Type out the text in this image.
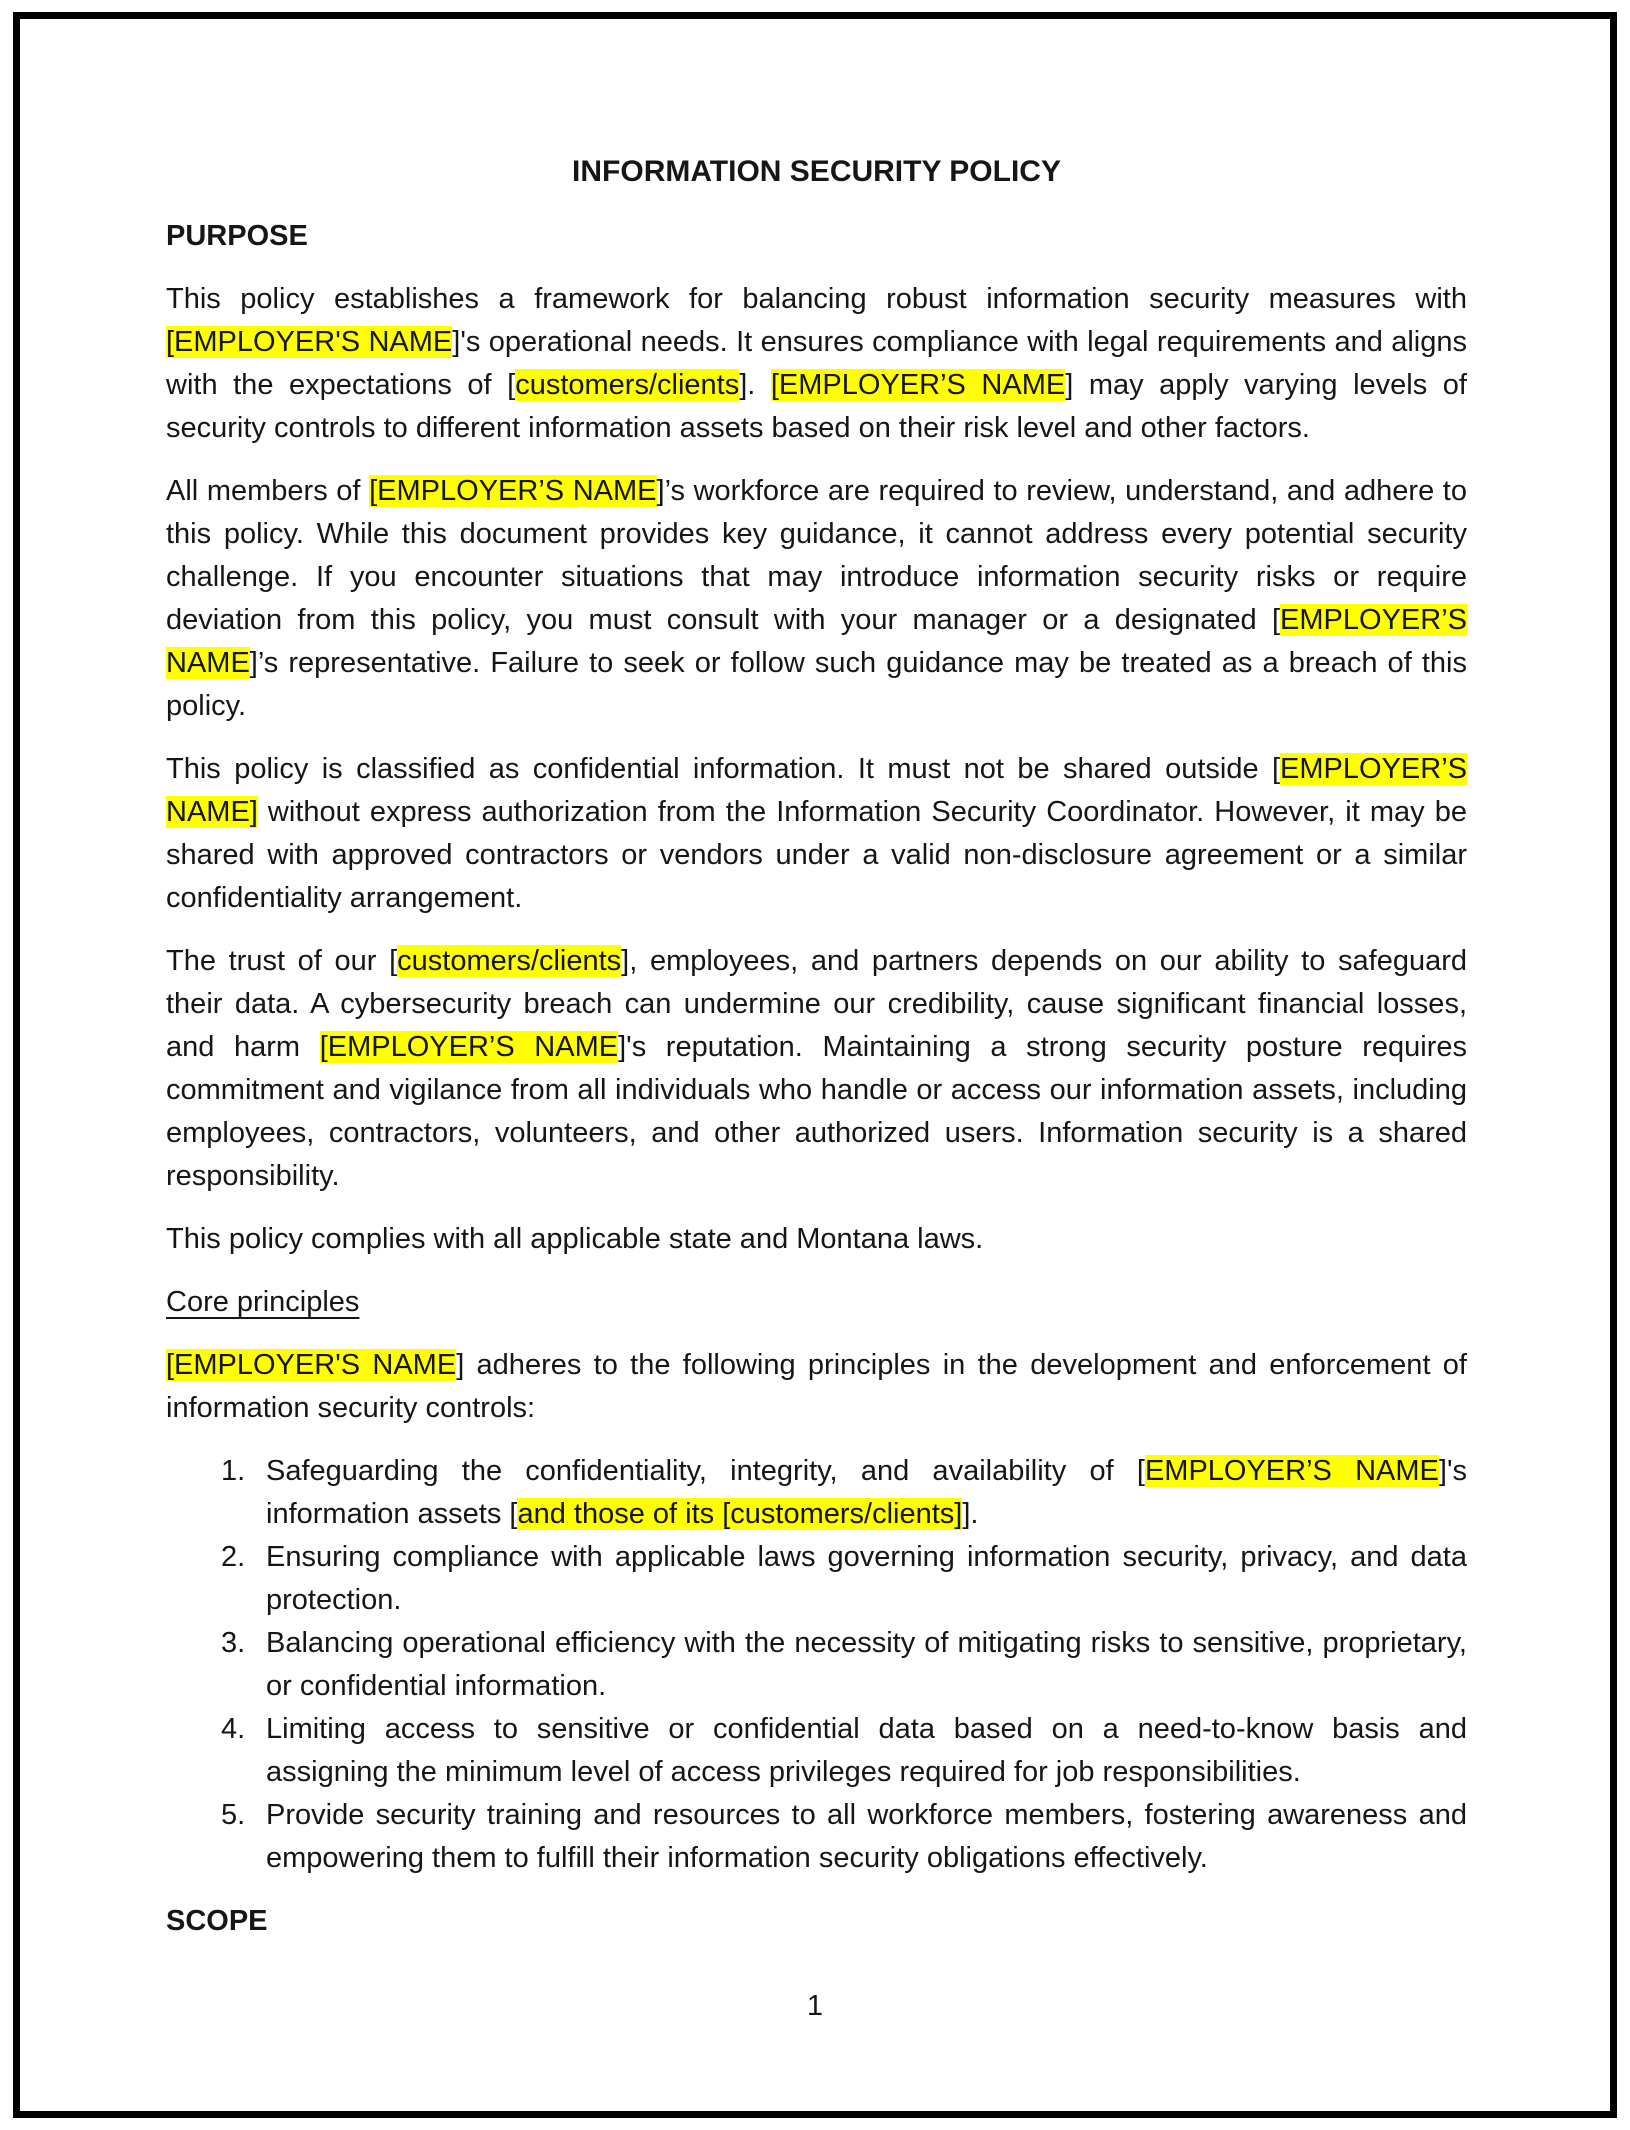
INFORMATION SECURITY POLICY
PURPOSE

This policy establishes a framework for balancing robust information security measures with [EMPLOYER'S NAME]'s operational needs. It ensures compliance with legal requirements and aligns with the expectations of [customers/clients]. [EMPLOYER’S NAME] may apply varying levels of security controls to different information assets based on their risk level and other factors.

All members of [EMPLOYER’S NAME]’s workforce are required to review, understand, and adhere to this policy. While this document provides key guidance, it cannot address every potential security challenge. If you encounter situations that may introduce information security risks or require deviation from this policy, you must consult with your manager or a designated [EMPLOYER’S NAME]’s representative. Failure to seek or follow such guidance may be treated as a breach of this policy.

This policy is classified as confidential information. It must not be shared outside [EMPLOYER’S NAME] without express authorization from the Information Security Coordinator. However, it may be shared with approved contractors or vendors under a valid non-disclosure agreement or a similar confidentiality arrangement.

The trust of our [customers/clients], employees, and partners depends on our ability to safeguard their data. A cybersecurity breach can undermine our credibility, cause significant financial losses, and harm [EMPLOYER’S NAME]'s reputation. Maintaining a strong security posture requires commitment and vigilance from all individuals who handle or access our information assets, including employees, contractors, volunteers, and other authorized users. Information security is a shared responsibility.

This policy complies with all applicable state and Montana laws.

Core principles

[EMPLOYER'S NAME] adheres to the following principles in the development and enforcement of information security controls:

Safeguarding the confidentiality, integrity, and availability of [EMPLOYER’S NAME]'s information assets [and those of its [customers/clients]].
Ensuring compliance with applicable laws governing information security, privacy, and data protection.
Balancing operational efficiency with the necessity of mitigating risks to sensitive, proprietary, or confidential information.
Limiting access to sensitive or confidential data based on a need-to-know basis and assigning the minimum level of access privileges required for job responsibilities.
Provide security training and resources to all workforce members, fostering awareness and empowering them to fulfill their information security obligations effectively.
SCOPE
1
